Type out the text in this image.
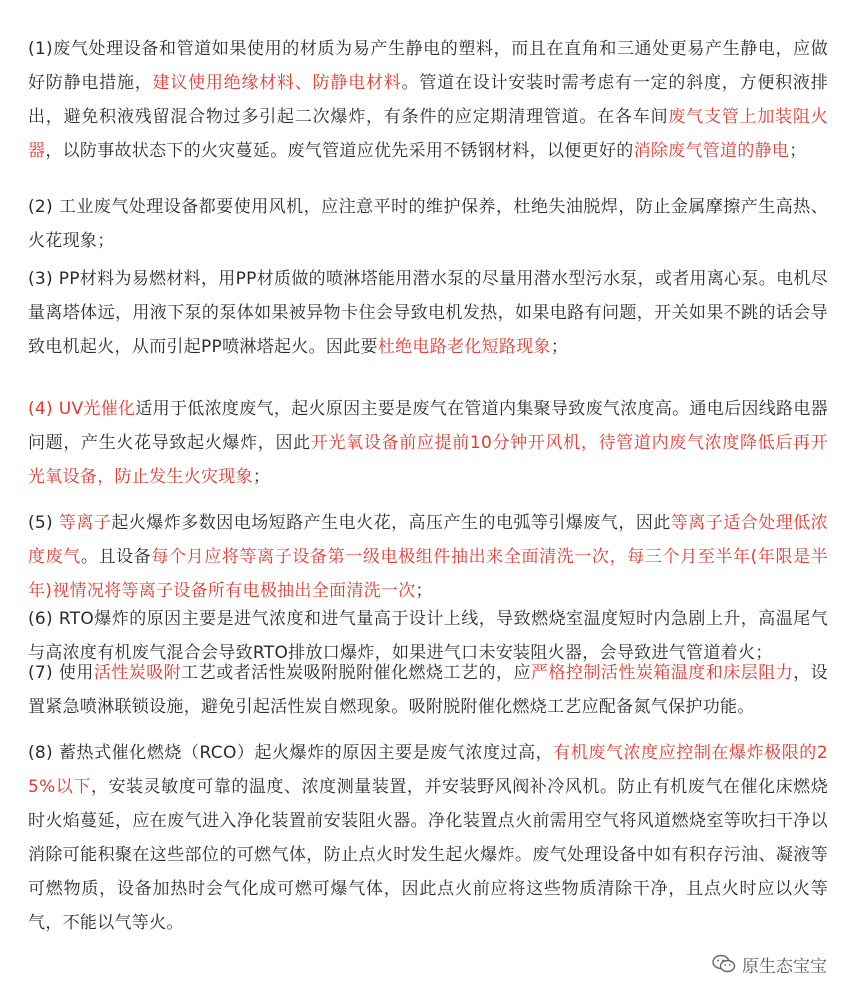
(1)废气处理设备和管道如果使用的材质为易产生静电的塑料，而且在直角和三通处更易产生静电，应做好防静电措施，建议使用绝缘材料、防静电材料。管道在设计安装时需考虑有一定的斜度，方便积液排出，避免积液残留混合物过多引起二次爆炸，有条件的应定期清理管道。在各车间废气支管上加装阻火器，以防事故状态下的火灾蔓延。废气管道应优先采用不锈钢材料，以便更好的消除废气管道的静电；
(2) 工业废气处理设备都要使用风机，应注意平时的维护保养，杜绝失油脱焊，防止金属摩擦产生高热、火花现象；
(3) PP材料为易燃材料，用PP材质做的喷淋塔能用潜水泵的尽量用潜水型污水泵，或者用离心泵。电机尽量离塔体远，用液下泵的泵体如果被异物卡住会导致电机发热，如果电路有问题，开关如果不跳的话会导致电机起火，从而引起PP喷淋塔起火。因此要杜绝电路老化短路现象；
(4) UV光催化适用于低浓度废气，起火原因主要是废气在管道内集聚导致废气浓度高。通电后因线路电器问题，产生火花导致起火爆炸，因此开光氧设备前应提前10分钟开风机，待管道内废气浓度降低后再开光氧设备，防止发生火灾现象；
(5) 等离子起火爆炸多数因电场短路产生电火花，高压产生的电弧等引爆废气，因此等离子适合处理低浓度废气。且设备每个月应将等离子设备第一级电极组件抽出来全面清洗一次，每三个月至半年(年限是半年)视情况将等离子设备所有电极抽出全面清洗一次；
(6) RTO爆炸的原因主要是进气浓度和进气量高于设计上线，导致燃烧室温度短时内急剧上升，高温尾气与高浓度有机废气混合会导致RTO排放口爆炸，如果进气口未安装阻火器，会导致进气管道着火；
(7) 使用活性炭吸附工艺或者活性炭吸附脱附催化燃烧工艺的，应严格控制活性炭箱温度和床层阻力，设置紧急喷淋联锁设施，避免引起活性炭自燃现象。吸附脱附催化燃烧工艺应配备氮气保护功能。
(8) 蓄热式催化燃烧（RCO）起火爆炸的原因主要是废气浓度过高，有机废气浓度应控制在爆炸极限的25%以下，安装灵敏度可靠的温度、浓度测量装置，并安装野风阀补冷风机。防止有机废气在催化床燃烧时火焰蔓延，应在废气进入净化装置前安装阻火器。净化装置点火前需用空气将风道燃烧室等吹扫干净以消除可能积聚在这些部位的可燃气体，防止点火时发生起火爆炸。废气处理设备中如有积存污油、凝液等可燃物质，设备加热时会气化成可燃可爆气体，因此点火前应将这些物质清除干净，且点火时应以火等气，不能以气等火。
原生态宝宝
